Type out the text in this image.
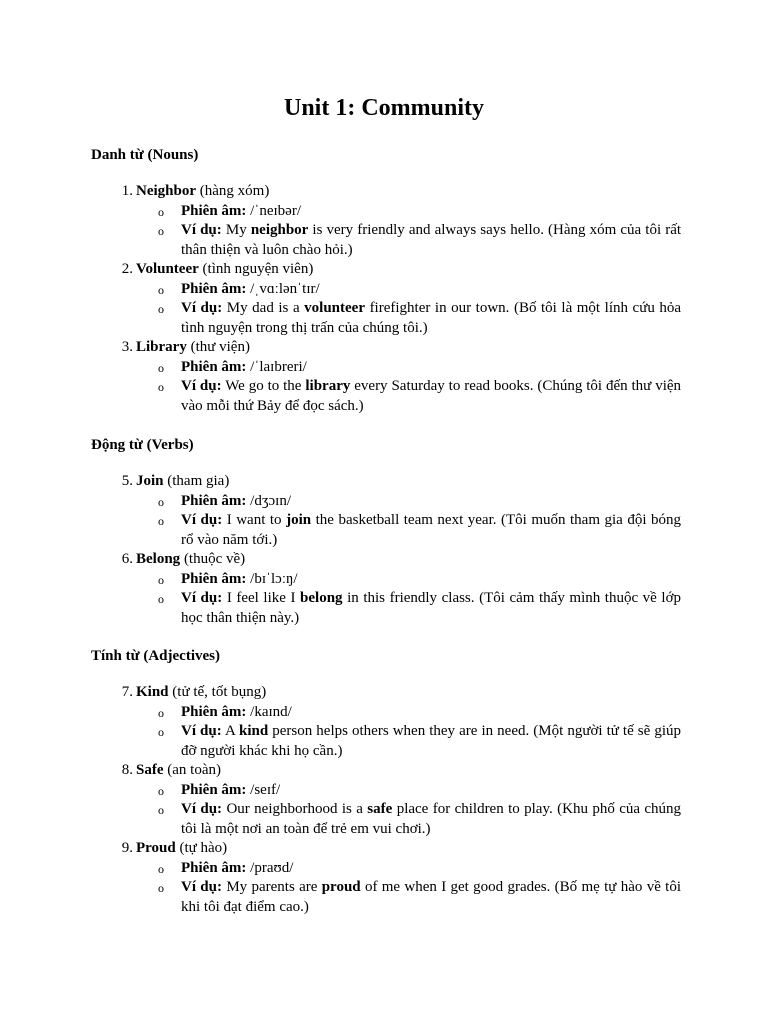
Unit 1: Community
Danh từ (Nouns)
1. Neighbor (hàng xóm)
o Phiên âm: /ˈneɪbər/
o Ví dụ: My neighbor is very friendly and always says hello. (Hàng xóm của tôi rất thân thiện và luôn chào hỏi.)
2. Volunteer (tình nguyện viên)
o Phiên âm: /ˌvɑːlənˈtɪr/
o Ví dụ: My dad is a volunteer firefighter in our town. (Bố tôi là một lính cứu hỏa tình nguyện trong thị trấn của chúng tôi.)
3. Library (thư viện)
o Phiên âm: /ˈlaɪbreri/
o Ví dụ: We go to the library every Saturday to read books. (Chúng tôi đến thư viện vào mỗi thứ Bảy để đọc sách.)
Động từ (Verbs)
5. Join (tham gia)
o Phiên âm: /dʒɔɪn/
o Ví dụ: I want to join the basketball team next year. (Tôi muốn tham gia đội bóng rổ vào năm tới.)
6. Belong (thuộc về)
o Phiên âm: /bɪˈlɔːŋ/
o Ví dụ: I feel like I belong in this friendly class. (Tôi cảm thấy mình thuộc về lớp học thân thiện này.)
Tính từ (Adjectives)
7. Kind (tử tế, tốt bụng)
o Phiên âm: /kaɪnd/
o Ví dụ: A kind person helps others when they are in need. (Một người tử tế sẽ giúp đỡ người khác khi họ cần.)
8. Safe (an toàn)
o Phiên âm: /seɪf/
o Ví dụ: Our neighborhood is a safe place for children to play. (Khu phố của chúng tôi là một nơi an toàn để trẻ em vui chơi.)
9. Proud (tự hào)
o Phiên âm: /praʊd/
o Ví dụ: My parents are proud of me when I get good grades. (Bố mẹ tự hào về tôi khi tôi đạt điểm cao.)
